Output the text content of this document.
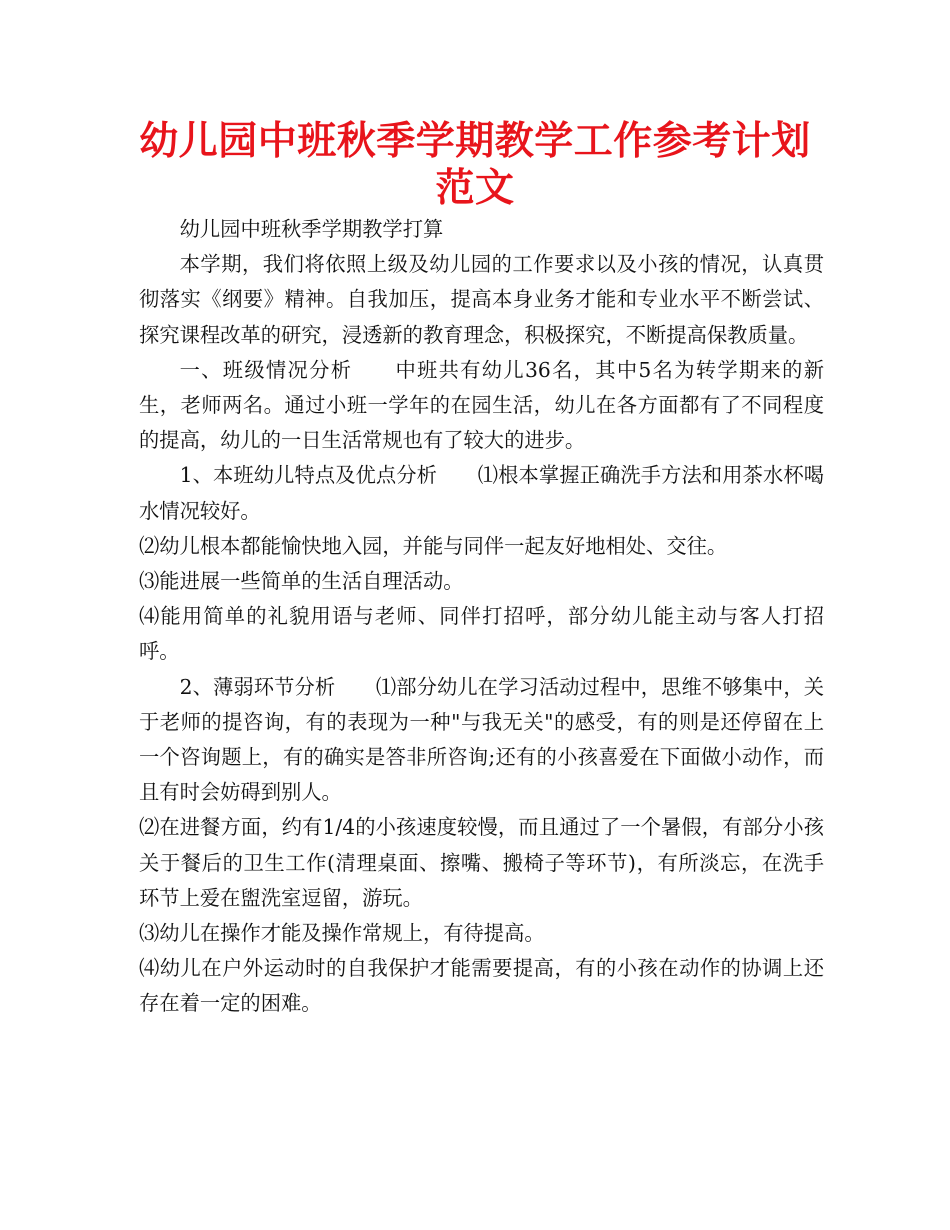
幼儿园中班秋季学期教学工作参考计划范文

幼儿园中班秋季学期教学打算

本学期，我们将依照上级及幼儿园的工作要求以及小孩的情况，认真贯彻落实《纲要》精神。自我加压，提高本身业务才能和专业水平不断尝试、探究课程改革的研究，浸透新的教育理念，积极探究，不断提高保教质量。

一、班级情况分析　　中班共有幼儿36名，其中5名为转学期来的新生，老师两名。通过小班一学年的在园生活，幼儿在各方面都有了不同程度的提高，幼儿的一日生活常规也有了较大的进步。

1、本班幼儿特点及优点分析　　⑴根本掌握正确洗手方法和用茶水杯喝水情况较好。

⑵幼儿根本都能愉快地入园，并能与同伴一起友好地相处、交往。

⑶能进展一些简单的生活自理活动。

⑷能用简单的礼貌用语与老师、同伴打招呼，部分幼儿能主动与客人打招呼。

2、薄弱环节分析　　⑴部分幼儿在学习活动过程中，思维不够集中，关于老师的提咨询，有的表现为一种"与我无关"的感受，有的则是还停留在上一个咨询题上，有的确实是答非所咨询;还有的小孩喜爱在下面做小动作，而且有时会妨碍到别人。

⑵在进餐方面，约有1/4的小孩速度较慢，而且通过了一个暑假，有部分小孩关于餐后的卫生工作(清理桌面、擦嘴、搬椅子等环节)，有所淡忘，在洗手环节上爱在盥洗室逗留，游玩。

⑶幼儿在操作才能及操作常规上，有待提高。

⑷幼儿在户外运动时的自我保护才能需要提高，有的小孩在动作的协调上还存在着一定的困难。
